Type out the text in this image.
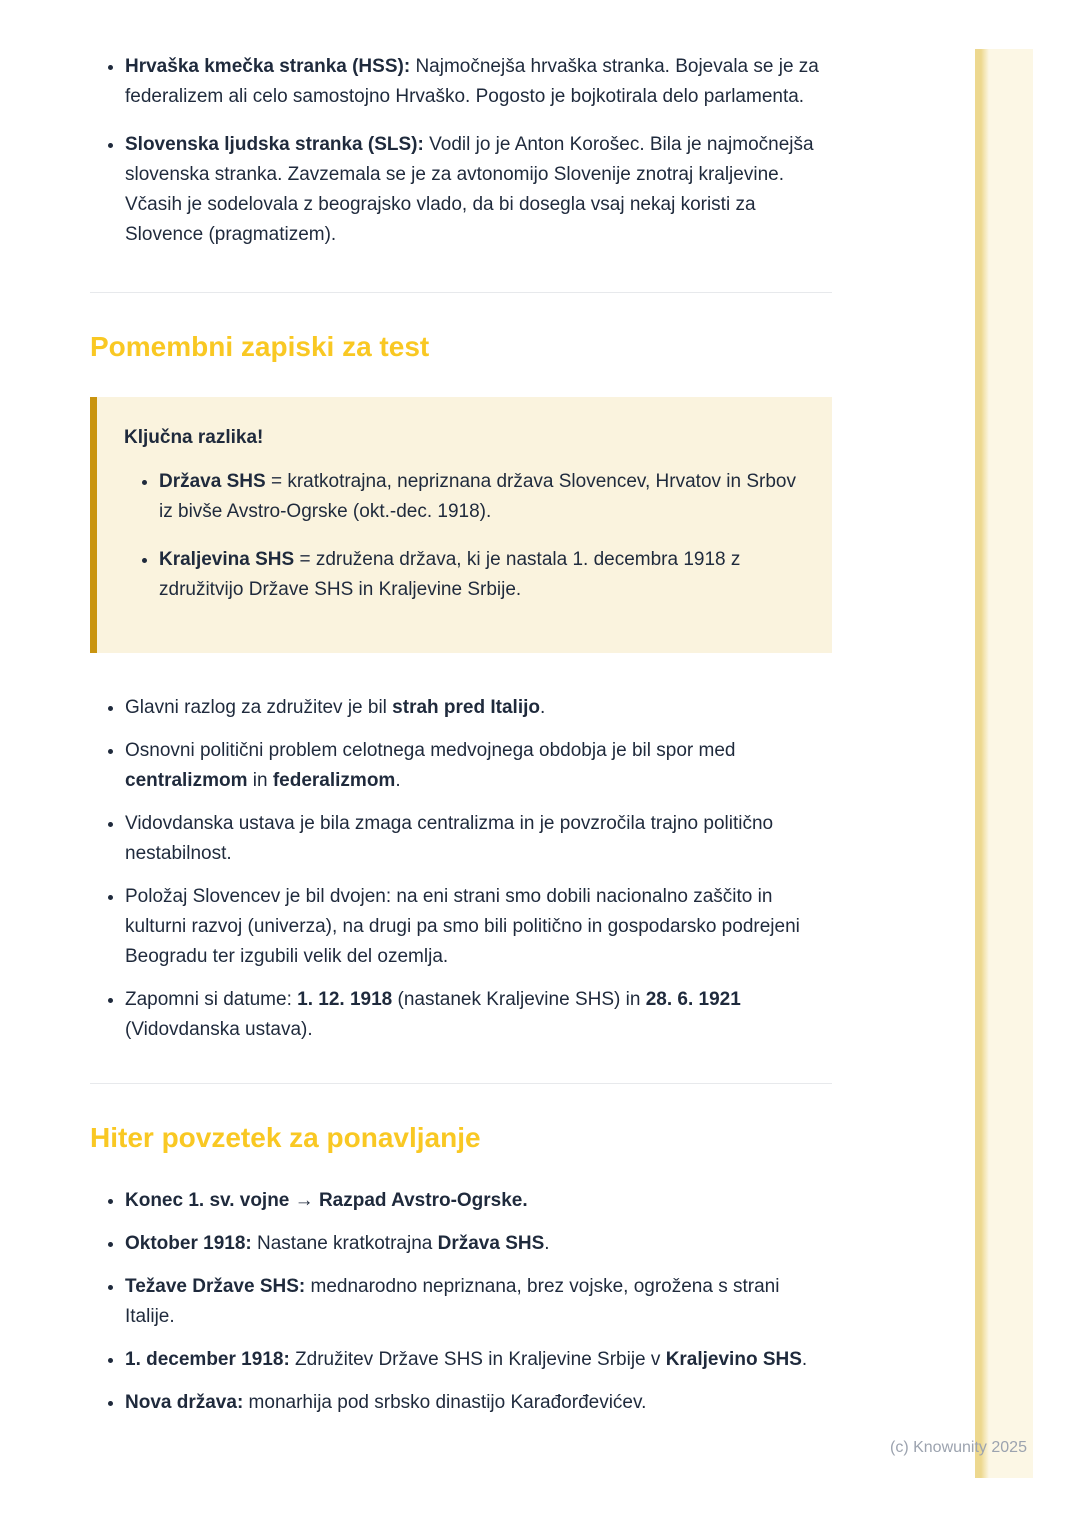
• Hrvaška kmečka stranka (HSS): Najmočnejša hrvaška stranka. Bojevala se je za federalizem ali celo samostojno Hrvaško. Pogosto je bojkotirala delo parlamenta.
• Slovenska ljudska stranka (SLS): Vodil jo je Anton Korošec. Bila je najmočnejša slovenska stranka. Zavzemala se je za avtonomijo Slovenije znotraj kraljevine. Včasih je sodelovala z beograjsko vlado, da bi dosegla vsaj nekaj koristi za Slovence (pragmatizem).
Pomembni zapiski za test

Ključna razlika!

• Država SHS = kratkotrajna, nepriznana država Slovencev, Hrvatov in Srbov iz bivše Avstro-Ogrske (okt.-dec. 1918).
• Kraljevina SHS = združena država, ki je nastala 1. decembra 1918 z združitvijo Države SHS in Kraljevine Srbije.
• Glavni razlog za združitev je bil strah pred Italijo.
• Osnovni politični problem celotnega medvojnega obdobja je bil spor med centralizmom in federalizmom.
• Vidovdanska ustava je bila zmaga centralizma in je povzročila trajno politično nestabilnost.
• Položaj Slovencev je bil dvojen: na eni strani smo dobili nacionalno zaščito in kulturni razvoj (univerza), na drugi pa smo bili politično in gospodarsko podrejeni Beogradu ter izgubili velik del ozemlja.
• Zapomni si datume: 1. 12. 1918 (nastanek Kraljevine SHS) in 28. 6. 1921 (Vidovdanska ustava).
Hiter povzetek za ponavljanje
• Konec 1. sv. vojne → Razpad Avstro-Ogrske.
• Oktober 1918: Nastane kratkotrajna Država SHS.
• Težave Države SHS: mednarodno nepriznana, brez vojske, ogrožena s strani Italije.
• 1. december 1918: Združitev Države SHS in Kraljevine Srbije v Kraljevino SHS.
• Nova država: monarhija pod srbsko dinastijo Karađorđevićev.
(c) Knowunity 2025
